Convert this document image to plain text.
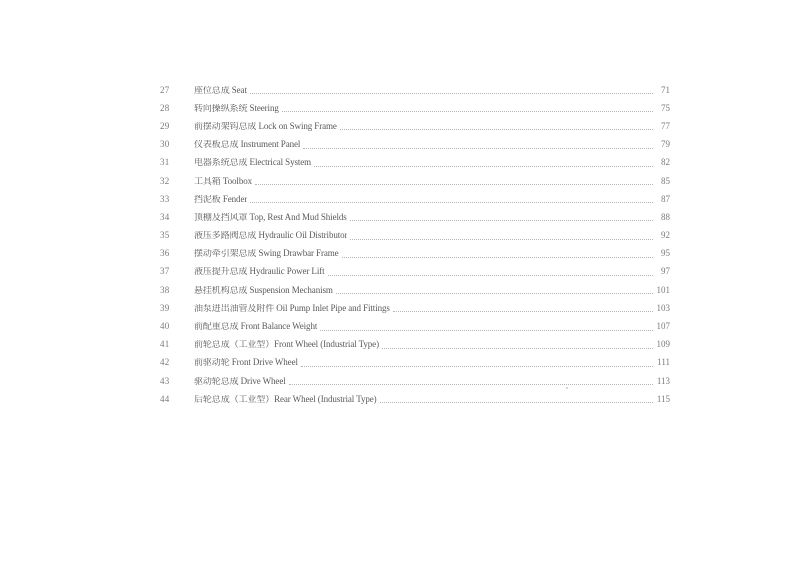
27	座位总成 Seat	71
28	转向操纵系统 Steering	75
29	前摆动架钩总成 Lock on Swing Frame	77
30	仪表板总成 Instrument Panel	79
31	电器系统总成 Electrical System	82
32	工具箱 Toolbox	85
33	挡泥板 Fender	87
34	顶棚及挡风罩 Top, Rest And Mud Shields	88
35	液压多路阀总成 Hydraulic Oil Distributor	92
36	摆动牵引架总成 Swing Drawbar Frame	95
37	液压提升总成 Hydraulic Power Lift	97
38	悬挂机构总成 Suspension Mechanism	101
39	油泵进出油管及附件 Oil Pump Inlet Pipe and Fittings	103
40	前配重总成 Front Balance Weight	107
41	前轮总成（工业型）Front Wheel (Industrial Type)	109
42	前驱动轮 Front Drive Wheel	111
43	驱动轮总成 Drive Wheel	113
44	后轮总成（工业型）Rear Wheel (Industrial Type)	115
